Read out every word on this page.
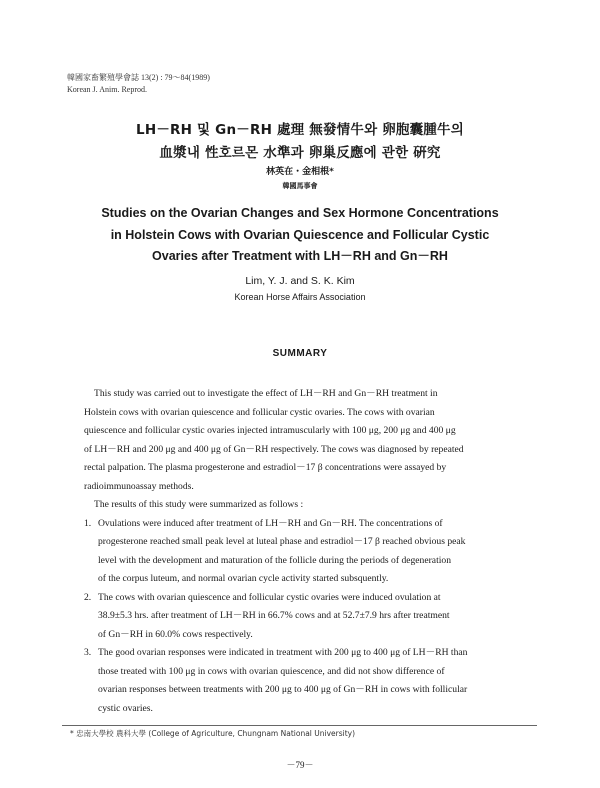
韓國家畜繁殖學會誌 13(2) : 79～84(1989)
Korean J. Anim. Reprod.
LH－RH 및 Gn－RH 處理 無發情牛와 卵胞囊腫牛의
血漿내 性호르몬 水準과 卵巢反應에 관한 硏究
林英在・金相根*
韓國馬事會
Studies on the Ovarian Changes and Sex Hormone Concentrations
in Holstein Cows with Ovarian Quiescence and Follicular Cystic
Ovaries after Treatment with LH－RH and Gn－RH
Lim, Y. J. and S. K. Kim
Korean Horse Affairs Association
SUMMARY
This study was carried out to investigate the effect of LH－RH and Gn－RH treatment in
Holstein cows with ovarian quiescence and follicular cystic ovaries. The cows with ovarian
quiescence and follicular cystic ovaries injected intramuscularly with 100 μg, 200 μg and 400 μg
of LH－RH and 200 μg and 400 μg of Gn－RH respectively. The cows was diagnosed by repeated
rectal palpation. The plasma progesterone and estradiol－17 β concentrations were assayed by
radioimmunoassay methods.
The results of this study were summarized as follows :
1. Ovulations were induced after treatment of LH－RH and Gn－RH. The concentrations of
progesterone reached small peak level at luteal phase and estradiol－17 β reached obvious peak
level with the development and maturation of the follicle during the periods of degeneration
of the corpus luteum, and normal ovarian cycle activity started subsquently.
2. The cows with ovarian quiescence and follicular cystic ovaries were induced ovulation at
38.9±5.3 hrs. after treatment of LH－RH in 66.7% cows and at 52.7±7.9 hrs after treatment
of Gn－RH in 60.0% cows respectively.
3. The good ovarian responses were indicated in treatment with 200 μg to 400 μg of LH－RH than
those treated with 100 μg in cows with ovarian quiescence, and did not show difference of
ovarian responses between treatments with 200 μg to 400 μg of Gn－RH in cows with follicular
cystic ovaries.
* 忠南大學校 農科大學 (College of Agriculture, Chungnam National University)
－79－
